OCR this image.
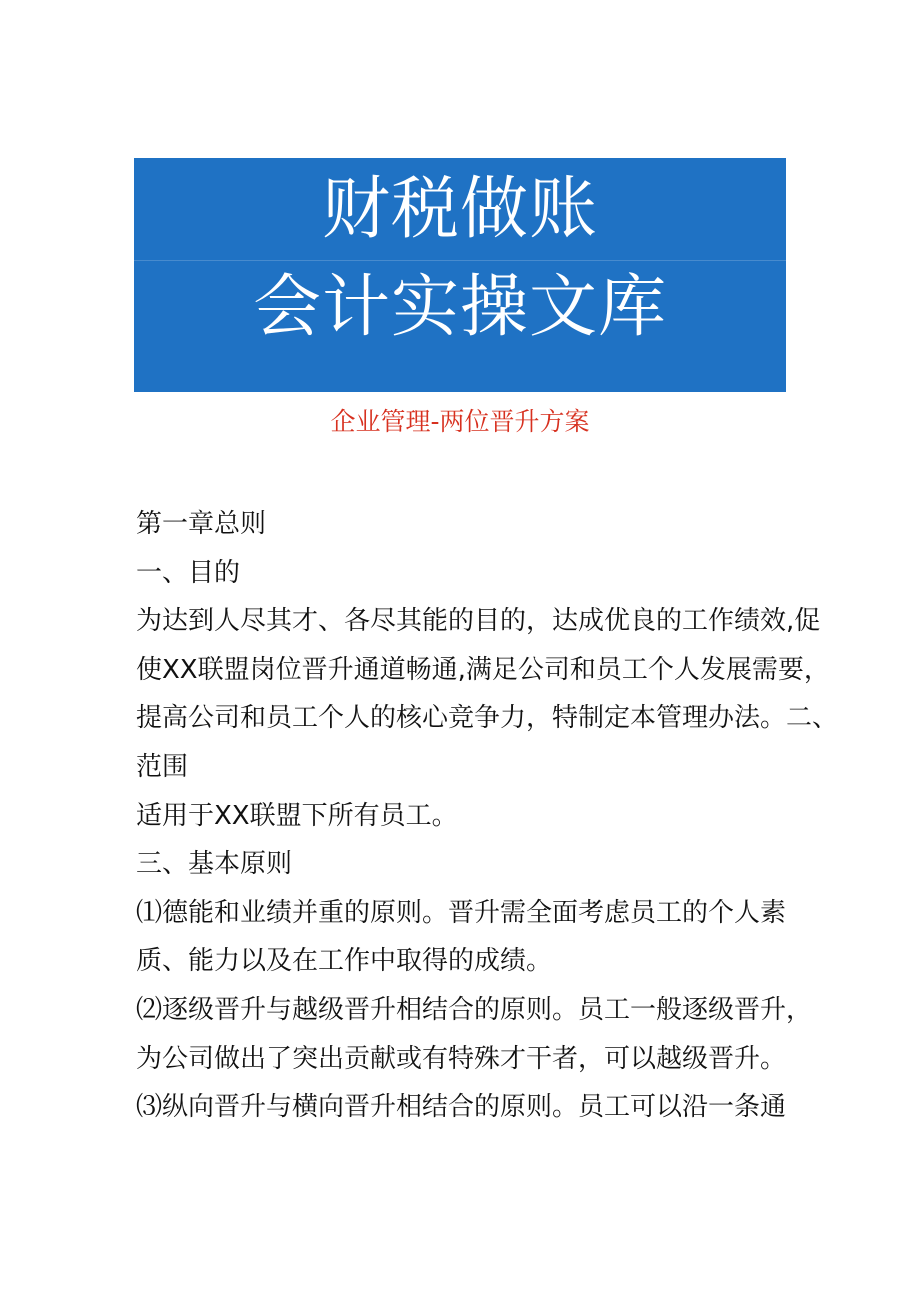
财税做账
会计实操文库
企业管理-两位晋升方案
第一章总则
一、目的
为达到人尽其才、各尽其能的目的，达成优良的工作绩效,促
使XX联盟岗位晋升通道畅通,满足公司和员工个人发展需要，
提高公司和员工个人的核心竞争力，特制定本管理办法。二、
范围
适用于XX联盟下所有员工。
三、基本原则
⑴德能和业绩并重的原则。晋升需全面考虑员工的个人素
质、能力以及在工作中取得的成绩。
⑵逐级晋升与越级晋升相结合的原则。员工一般逐级晋升，
为公司做出了突出贡献或有特殊才干者，可以越级晋升。
⑶纵向晋升与横向晋升相结合的原则。员工可以沿一条通
